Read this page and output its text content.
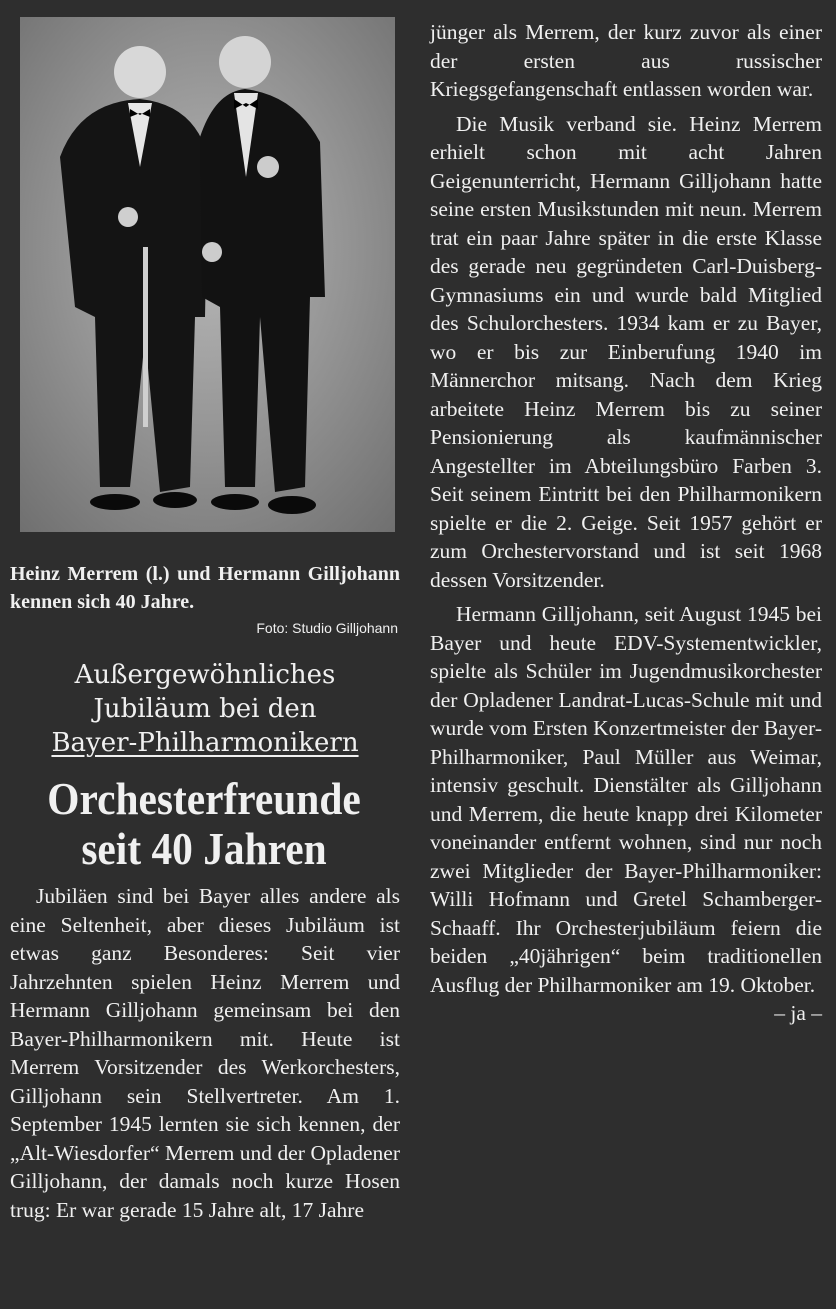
Heinz Merrem (l.) und Hermann Gilljohann kennen sich 40 Jahre.
Foto: Studio Gilljohann
Außergewöhnliches
Jubiläum bei den
Bayer-Philharmonikern
Orchesterfreunde
seit 40 Jahren

Jubiläen sind bei Bayer alles andere als eine Seltenheit, aber dieses Jubiläum ist etwas ganz Besonderes: Seit vier Jahrzehnten spielen Heinz Merrem und Hermann Gilljohann gemeinsam bei den Bayer-Philharmonikern mit. Heute ist Merrem Vorsitzender des Werkorchesters, Gilljohann sein Stellvertreter. Am 1. September 1945 lernten sie sich kennen, der „Alt-Wiesdorfer“ Merrem und der Opladener Gilljohann, der damals noch kurze Hosen trug: Er war gerade 15 Jahre alt, 17 Jahre

jünger als Merrem, der kurz zuvor als einer der ersten aus russischer Kriegsgefangenschaft entlassen worden war.

Die Musik verband sie. Heinz Merrem erhielt schon mit acht Jahren Geigenunterricht, Hermann Gilljohann hatte seine ersten Musikstunden mit neun. Merrem trat ein paar Jahre später in die erste Klasse des gerade neu gegründeten Carl-Duisberg-Gymnasiums ein und wurde bald Mitglied des Schulorchesters. 1934 kam er zu Bayer, wo er bis zur Einberufung 1940 im Männerchor mitsang. Nach dem Krieg arbeitete Heinz Merrem bis zu seiner Pensionierung als kaufmännischer Angestellter im Abteilungsbüro Farben 3. Seit seinem Eintritt bei den Philharmonikern spielte er die 2. Geige. Seit 1957 gehört er zum Orchestervorstand und ist seit 1968 dessen Vorsitzender.

Hermann Gilljohann, seit August 1945 bei Bayer und heute EDV-Systementwickler, spielte als Schüler im Jugendmusikorchester der Opladener Landrat-Lucas-Schule mit und wurde vom Ersten Konzertmeister der Bayer-Philharmoniker, Paul Müller aus Weimar, intensiv geschult. Dienstälter als Gilljohann und Merrem, die heute knapp drei Kilometer voneinander entfernt wohnen, sind nur noch zwei Mitglieder der Bayer-Philharmoniker: Willi Hofmann und Gretel Schamberger-Schaaff. Ihr Orchesterjubiläum feiern die beiden „40jährigen“ beim traditionellen Ausflug der Philharmoniker am 19. Oktober.
– ja –
